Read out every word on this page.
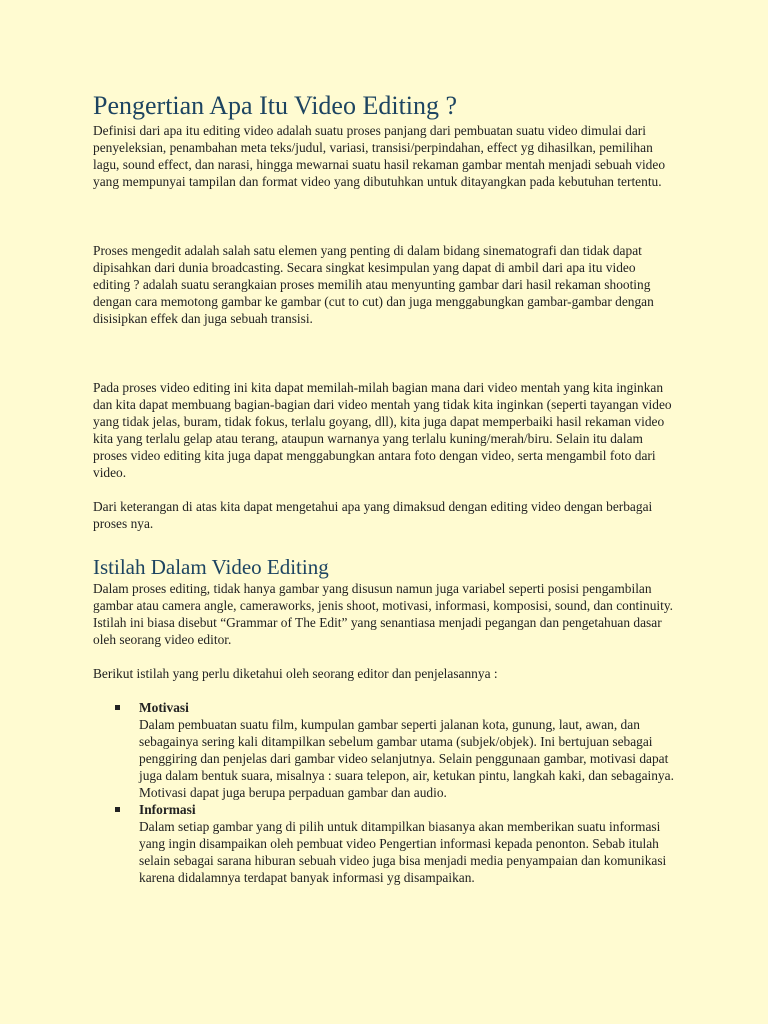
Pengertian Apa Itu Video Editing ?

Definisi dari apa itu editing video adalah suatu proses panjang dari pembuatan suatu video dimulai dari penyeleksian, penambahan meta teks/judul, variasi, transisi/perpindahan, effect yg dihasilkan, pemilihan lagu, sound effect, dan narasi, hingga mewarnai suatu hasil rekaman gambar mentah menjadi sebuah video yang mempunyai tampilan dan format video yang dibutuhkan untuk ditayangkan pada kebutuhan tertentu.

Proses mengedit adalah salah satu elemen yang penting di dalam bidang sinematografi dan tidak dapat dipisahkan dari dunia broadcasting. Secara singkat kesimpulan yang dapat di ambil dari apa itu video editing ? adalah suatu serangkaian proses memilih atau menyunting gambar dari hasil rekaman shooting dengan cara memotong gambar ke gambar (cut to cut) dan juga menggabungkan gambar-gambar dengan disisipkan effek dan juga sebuah transisi.

Pada proses video editing ini kita dapat memilah-milah bagian mana dari video mentah yang kita inginkan dan kita dapat membuang bagian-bagian dari video mentah yang tidak kita inginkan (seperti tayangan video yang tidak jelas, buram, tidak fokus, terlalu goyang, dll), kita juga dapat memperbaiki hasil rekaman video kita yang terlalu gelap atau terang, ataupun warnanya yang terlalu kuning/merah/biru. Selain itu dalam proses video editing kita juga dapat menggabungkan antara foto dengan video, serta mengambil foto dari video.

Dari keterangan di atas kita dapat mengetahui apa yang dimaksud dengan editing video dengan berbagai proses nya.

Istilah Dalam Video Editing

Dalam proses editing, tidak hanya gambar yang disusun namun juga variabel seperti posisi pengambilan gambar atau camera angle, cameraworks, jenis shoot, motivasi, informasi, komposisi, sound, dan continuity. Istilah ini biasa disebut “Grammar of The Edit” yang senantiasa menjadi pegangan dan pengetahuan dasar oleh seorang video editor.

Berikut istilah yang perlu diketahui oleh seorang editor dan penjelasannya :

Motivasi
Dalam pembuatan suatu film, kumpulan gambar seperti jalanan kota, gunung, laut, awan, dan sebagainya sering kali ditampilkan sebelum gambar utama (subjek/objek). Ini bertujuan sebagai penggiring dan penjelas dari gambar video selanjutnya. Selain penggunaan gambar, motivasi dapat juga dalam bentuk suara, misalnya : suara telepon, air, ketukan pintu, langkah kaki, dan sebagainya. Motivasi dapat juga berupa perpaduan gambar dan audio.
Informasi
Dalam setiap gambar yang di pilih untuk ditampilkan biasanya akan memberikan suatu informasi yang ingin disampaikan oleh pembuat video Pengertian informasi kepada penonton. Sebab itulah selain sebagai sarana hiburan sebuah video juga bisa menjadi media penyampaian dan komunikasi karena didalamnya terdapat banyak informasi yg disampaikan.
